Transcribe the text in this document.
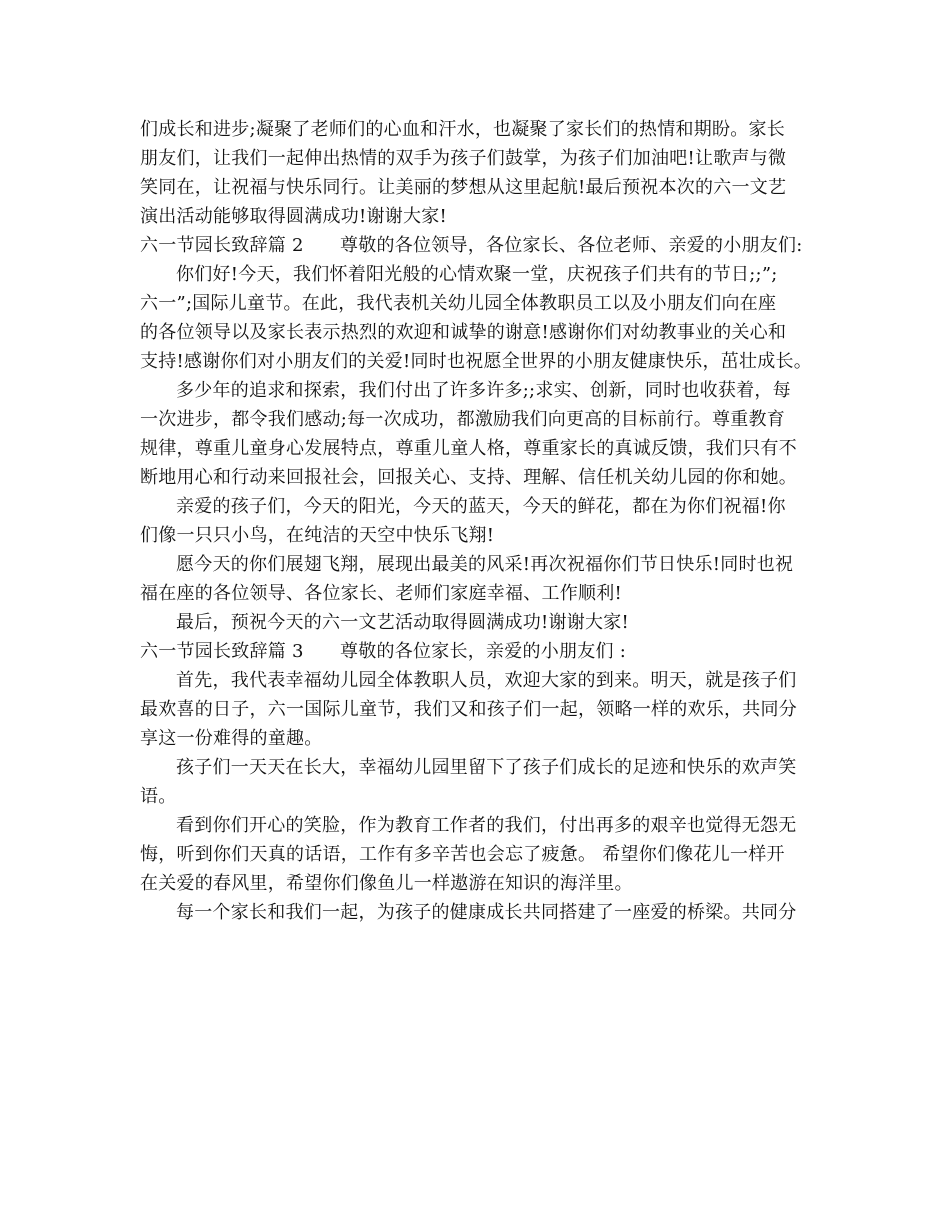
们成长和进步;凝聚了老师们的心血和汗水，也凝聚了家长们的热情和期盼。家长
朋友们，让我们一起伸出热情的双手为孩子们鼓掌，为孩子们加油吧!让歌声与微
笑同在，让祝福与快乐同行。让美丽的梦想从这里起航!最后预祝本次的六一文艺
演出活动能够取得圆满成功!谢谢大家!
六一节园长致辞篇 2 尊敬的各位领导，各位家长、各位老师、亲爱的小朋友们:
你们好!今天，我们怀着阳光般的心情欢聚一堂，庆祝孩子们共有的节日;;”;
六一”;国际儿童节。在此，我代表机关幼儿园全体教职员工以及小朋友们向在座
的各位领导以及家长表示热烈的欢迎和诚挚的谢意!感谢你们对幼教事业的关心和
支持!感谢你们对小朋友们的关爱!同时也祝愿全世界的小朋友健康快乐，茁壮成长。
多少年的追求和探索，我们付出了许多许多;;求实、创新，同时也收获着，每
一次进步，都令我们感动;每一次成功，都激励我们向更高的目标前行。尊重教育
规律，尊重儿童身心发展特点，尊重儿童人格，尊重家长的真诚反馈，我们只有不
断地用心和行动来回报社会，回报关心、支持、理解、信任机关幼儿园的你和她。
亲爱的孩子们，今天的阳光，今天的蓝天，今天的鲜花，都在为你们祝福!你
们像一只只小鸟，在纯洁的天空中快乐飞翔!
愿今天的你们展翅飞翔，展现出最美的风采!再次祝福你们节日快乐!同时也祝
福在座的各位领导、各位家长、老师们家庭幸福、工作顺利!
最后，预祝今天的六一文艺活动取得圆满成功!谢谢大家!
六一节园长致辞篇 3 尊敬的各位家长，亲爱的小朋友们 :
首先，我代表幸福幼儿园全体教职人员，欢迎大家的到来。明天，就是孩子们
最欢喜的日子，六一国际儿童节，我们又和孩子们一起，领略一样的欢乐，共同分
享这一份难得的童趣。
孩子们一天天在长大，幸福幼儿园里留下了孩子们成长的足迹和快乐的欢声笑
语。
看到你们开心的笑脸，作为教育工作者的我们，付出再多的艰辛也觉得无怨无
悔，听到你们天真的话语，工作有多辛苦也会忘了疲惫。 希望你们像花儿一样开
在关爱的春风里，希望你们像鱼儿一样遨游在知识的海洋里。
每一个家长和我们一起，为孩子的健康成长共同搭建了一座爱的桥梁。共同分
